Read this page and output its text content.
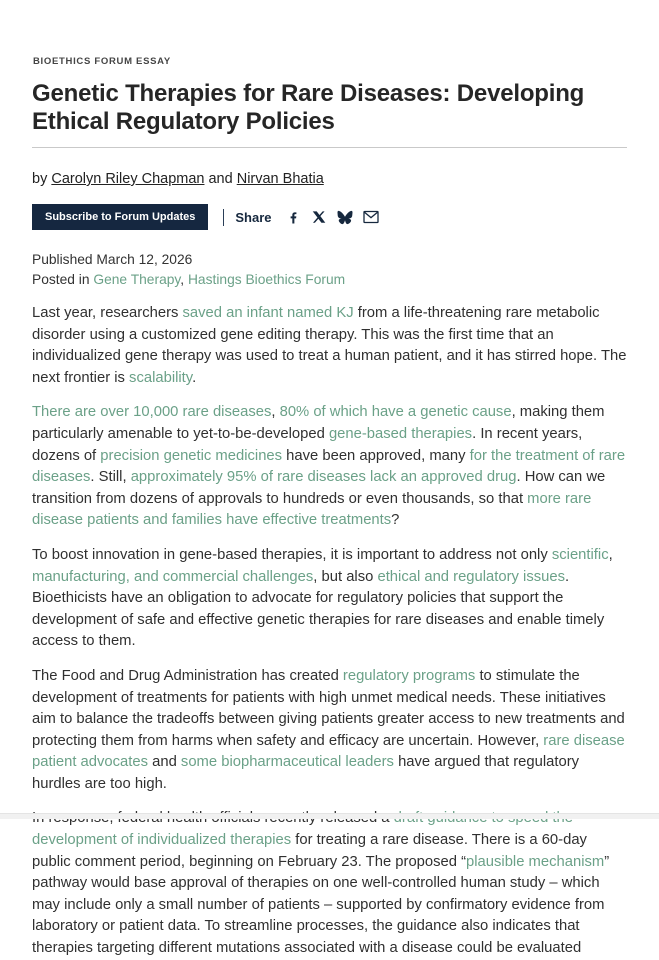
BIOETHICS FORUM ESSAY

Genetic Therapies for Rare Diseases: Developing Ethical Regulatory Policies

by Carolyn Riley Chapman and Nirvan Bhatia

Subscribe to Forum Updates	Share

Published March 12, 2026

Posted in Gene Therapy, Hastings Bioethics Forum

Last year, researchers saved an infant named KJ from a life-threatening rare metabolic disorder using a customized gene editing therapy. This was the first time that an individualized gene therapy was used to treat a human patient, and it has stirred hope. The next frontier is scalability.

There are over 10,000 rare diseases, 80% of which have a genetic cause, making them particularly amenable to yet-to-be-developed gene-based therapies. In recent years, dozens of precision genetic medicines have been approved, many for the treatment of rare diseases. Still, approximately 95% of rare diseases lack an approved drug. How can we transition from dozens of approvals to hundreds or even thousands, so that more rare disease patients and families have effective treatments?

To boost innovation in gene-based therapies, it is important to address not only scientific, manufacturing, and commercial challenges, but also ethical and regulatory issues. Bioethicists have an obligation to advocate for regulatory policies that support the development of safe and effective genetic therapies for rare diseases and enable timely access to them.

The Food and Drug Administration has created regulatory programs to stimulate the development of treatments for patients with high unmet medical needs. These initiatives aim to balance the tradeoffs between giving patients greater access to new treatments and protecting them from harms when safety and efficacy are uncertain. However, rare disease patient advocates and some biopharmaceutical leaders have argued that regulatory hurdles are too high.

development of individualized therapies for treating a rare disease. There is a 60-day public comment period, beginning on February 23. The proposed “plausible mechanism” pathway would base approval of therapies on one well-controlled human study – which may include only a small number of patients – supported by confirmatory evidence from laboratory or patient data. To streamline processes, the guidance also indicates that therapies targeting different mutations associated with a disease could be evaluated
